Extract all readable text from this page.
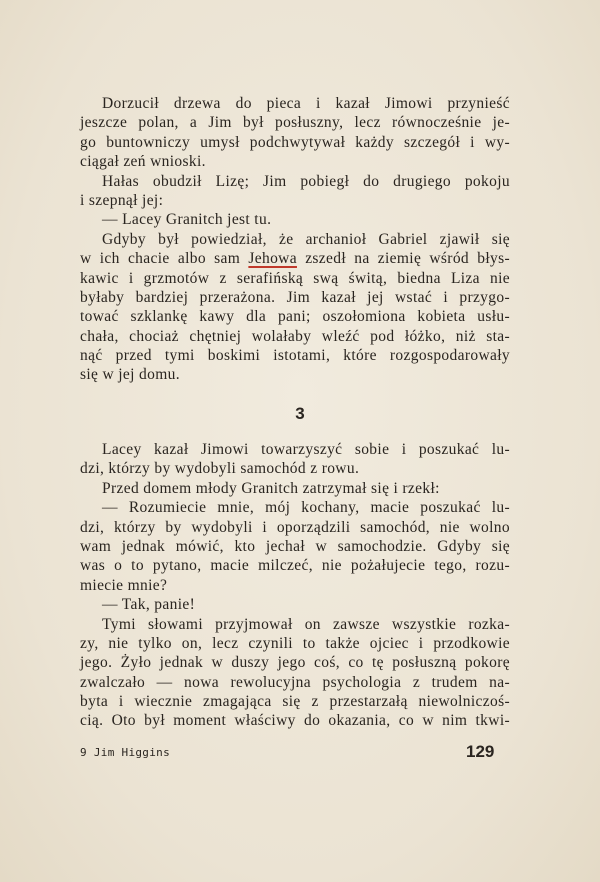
Dorzucił drzewa do pieca i kazał Jimowi przynieść
jeszcze polan, a Jim był posłuszny, lecz równocześnie je-
go buntowniczy umysł podchwytywał każdy szczegół i wy-
ciągał zeń wnioski.
Hałas obudził Lizę; Jim pobiegł do drugiego pokoju
i szepnął jej:
— Lacey Granitch jest tu.
Gdyby był powiedział, że archanioł Gabriel zjawił się
w ich chacie albo sam Jehowa zszedł na ziemię wśród błys-
kawic i grzmotów z serafińską swą świtą, biedna Liza nie
byłaby bardziej przerażona. Jim kazał jej wstać i przygo-
tować szklankę kawy dla pani; oszołomiona kobieta usłu-
chała, chociaż chętniej wolałaby wleźć pod łóżko, niż sta-
nąć przed tymi boskimi istotami, które rozgospodarowały
się w jej domu.
3
Lacey kazał Jimowi towarzyszyć sobie i poszukać lu-
dzi, którzy by wydobyli samochód z rowu.
Przed domem młody Granitch zatrzymał się i rzekł:
— Rozumiecie mnie, mój kochany, macie poszukać lu-
dzi, którzy by wydobyli i oporządzili samochód, nie wolno
wam jednak mówić, kto jechał w samochodzie. Gdyby się
was o to pytano, macie milczeć, nie pożałujecie tego, rozu-
miecie mnie?
— Tak, panie!
Tymi słowami przyjmował on zawsze wszystkie rozka-
zy, nie tylko on, lecz czynili to także ojciec i przodkowie
jego. Żyło jednak w duszy jego coś, co tę posłuszną pokorę
zwalczało — nowa rewolucyjna psychologia z trudem na-
byta i wiecznie zmagająca się z przestarzałą niewolniczoś-
cią. Oto był moment właściwy do okazania, co w nim tkwi-
9 Jim Higgins	129
